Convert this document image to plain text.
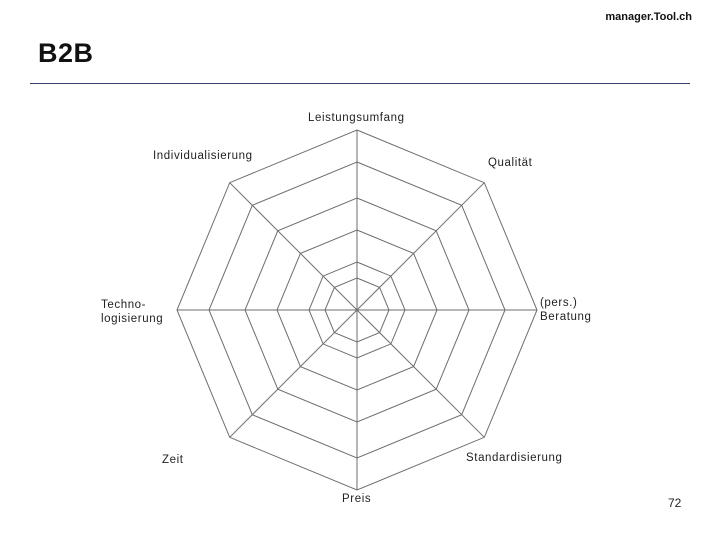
manager.Tool.ch
B2B
Leistungsumfang
Qualität
(pers.)
Beratung
Standardisierung
Preis
Zeit
Techno-
logisierung
Individualisierung
72
